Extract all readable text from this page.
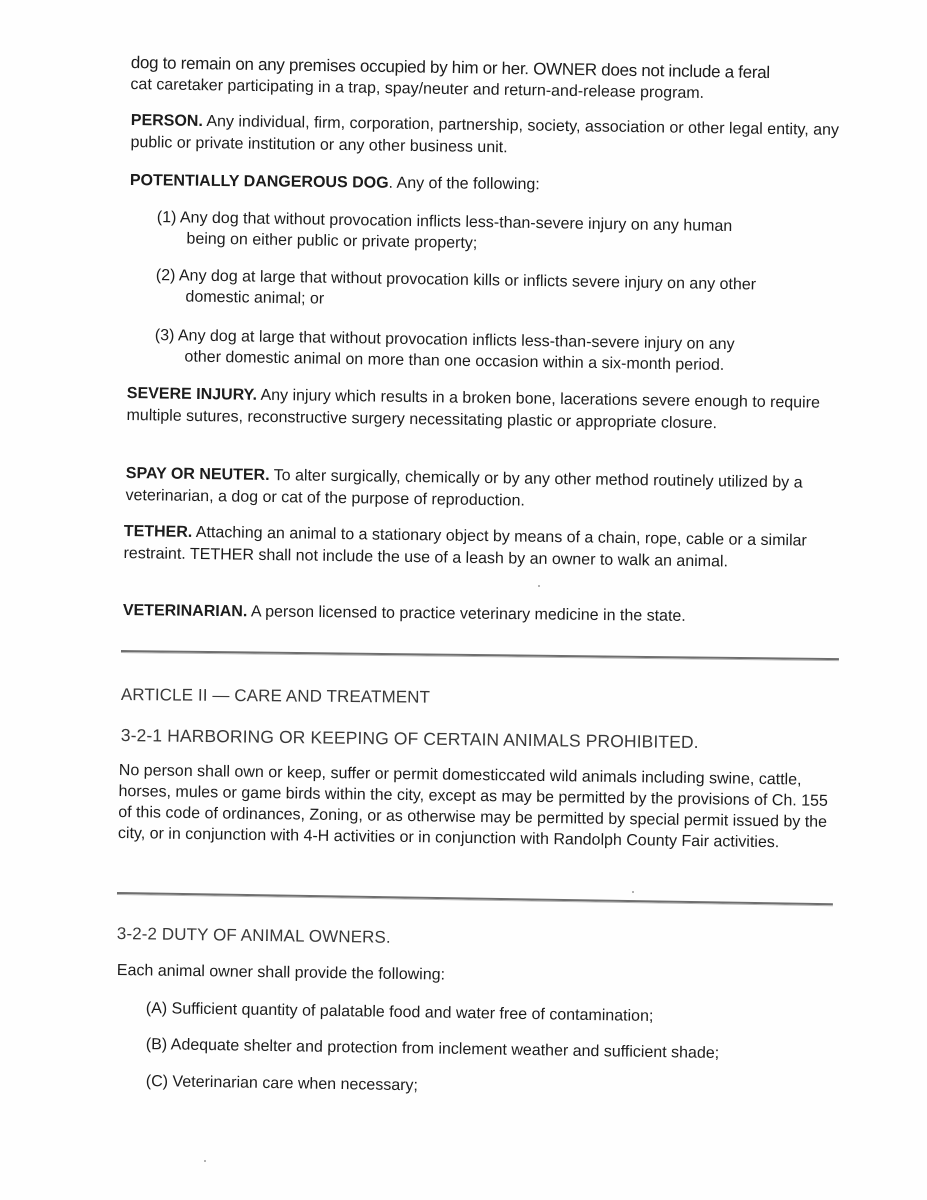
dog to remain on any premises occupied by him or her. OWNER does not include a feral
cat caretaker participating in a trap, spay/neuter and return-and-release program.
PERSON. Any individual, firm, corporation, partnership, society, association or other legal entity, any public or private institution or any other business unit.
POTENTIALLY DANGEROUS DOG. Any of the following:
(1) Any dog that without provocation inflicts less-than-severe injury on any human
being on either public or private property;
(2) Any dog at large that without provocation kills or inflicts severe injury on any other
domestic animal; or
(3) Any dog at large that without provocation inflicts less-than-severe injury on any
other domestic animal on more than one occasion within a six-month period.
SEVERE INJURY. Any injury which results in a broken bone, lacerations severe enough to require multiple sutures, reconstructive surgery necessitating plastic or appropriate closure.
SPAY OR NEUTER. To alter surgically, chemically or by any other method routinely utilized by a veterinarian, a dog or cat of the purpose of reproduction.
TETHER. Attaching an animal to a stationary object by means of a chain, rope, cable or a similar restraint. TETHER shall not include the use of a leash by an owner to walk an animal.
VETERINARIAN. A person licensed to practice veterinary medicine in the state.
ARTICLE II — CARE AND TREATMENT
3-2-1 HARBORING OR KEEPING OF CERTAIN ANIMALS PROHIBITED.
No person shall own or keep, suffer or permit domesticcated wild animals including swine, cattle, horses, mules or game birds within the city, except as may be permitted by the provisions of Ch. 155 of this code of ordinances, Zoning, or as otherwise may be permitted by special permit issued by the city, or in conjunction with 4-H activities or in conjunction with Randolph County Fair activities.
3-2-2 DUTY OF ANIMAL OWNERS.
Each animal owner shall provide the following:
(A) Sufficient quantity of palatable food and water free of contamination;
(B) Adequate shelter and protection from inclement weather and sufficient shade;
(C) Veterinarian care when necessary;
